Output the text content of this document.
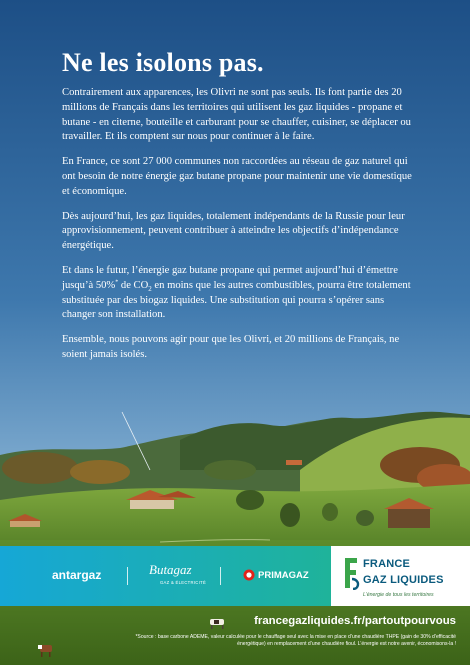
Ne les isolons pas.

Contrairement aux apparences, les Olivri ne sont pas seuls. Ils font partie des 20 millions de Français dans les territoires qui utilisent les gaz liquides - propane et butane - en citerne, bouteille et carburant pour se chauffer, cuisiner, se déplacer ou travailler. Et ils comptent sur nous pour continuer à le faire.

En France, ce sont 27 000 communes non raccordées au réseau de gaz naturel qui ont besoin de notre énergie gaz butane propane pour maintenir une vie domestique et économique.

Dès aujourd’hui, les gaz liquides, totalement indépendants de la Russie pour leur approvisionnement, peuvent contribuer à atteindre les objectifs d’indépendance énergétique.

Et dans le futur, l’énergie gaz butane propane qui permet aujourd’hui d’émettre jusqu’à 50%* de $CO_2$ en moins que les autres combustibles, pourra être totalement substituée par des biogaz liquides. Une substitution qui pourra s’opérer sans changer son installation.

Ensemble, nous pouvons agir pour que les Olivri, et 20 millions de Français, ne soient jamais isolés.

antargaz	Butagaz
GAZ & ÉLECTRICITÉ
PRIMAGAZ
FRANCE
GAZ LIQUIDES
L’énergie de tous les territoires
francegazliquides.fr/partoutpourvous
*Source : base carbone ADEME, valeur calculée pour le chauffage seul avec la mise en place d’une chaudière THPE (gain de 30% d’efficacité énergétique) en remplacement d’une chaudière fioul. L’énergie est notre avenir, économisons-la !
